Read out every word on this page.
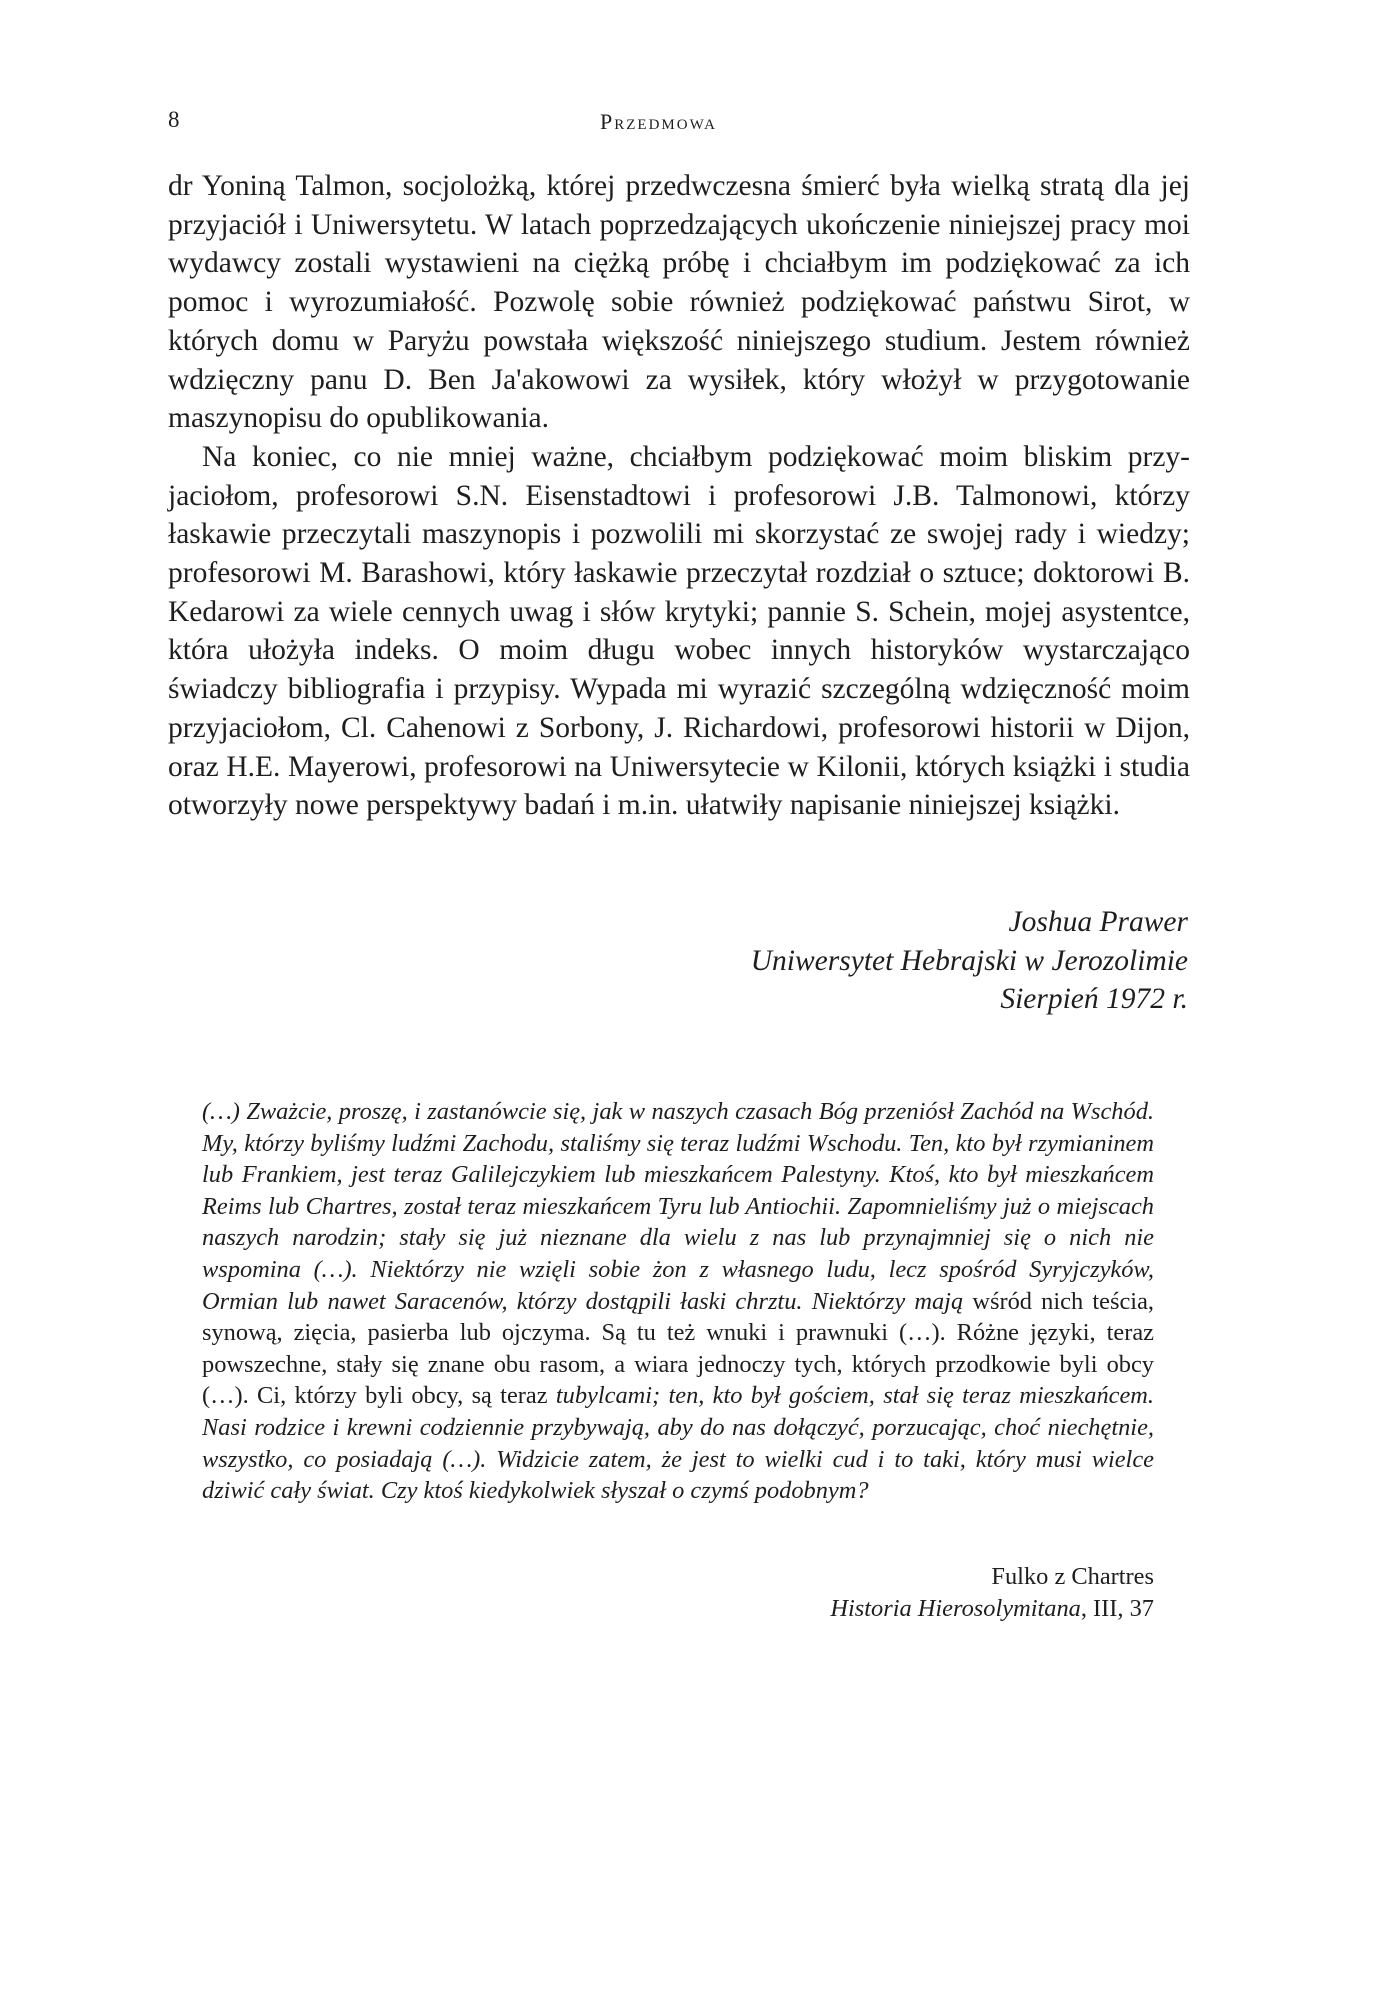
8	Przedmowa

dr Yoniną Talmon, socjolożką, której przedwczesna śmierć była wielką stratą dla jej przyjaciół i Uniwersytetu. W latach poprzedzających ukończenie niniejszej pracy moi wydawcy zostali wystawieni na ciężką próbę i chciałbym im podziękować za ich pomoc i wyrozumiałość. Pozwolę sobie również podziękować państwu Sirot, w których domu w Paryżu powstała większość niniejszego studium. Jestem również wdzięczny panu D. Ben Ja'akowowi za wysiłek, który włożył w przygotowanie maszynopisu do opublikowania.

Na koniec, co nie mniej ważne, chciałbym podziękować moim bliskim przyjaciołom, profesorowi S.N. Eisenstadtowi i profesorowi J.B. Talmonowi, którzy łaskawie przeczytali maszynopis i pozwolili mi skorzystać ze swojej rady i wiedzy; profesorowi M. Barashowi, który łaskawie przeczytał rozdział o sztuce; doktorowi B. Kedarowi za wiele cennych uwag i słów krytyki; pannie S. Schein, mojej asystentce, która ułożyła indeks. O moim długu wobec innych historyków wystarczająco świadczy bibliografia i przypisy. Wypada mi wyrazić szczególną wdzięczność moim przyjaciołom, Cl. Cahenowi z Sorbony, J. Richardowi, profesorowi historii w Dijon, oraz H.E. Mayerowi, profesorowi na Uniwersytecie w Kilonii, których książki i studia otworzyły nowe perspektywy badań i m.in. ułatwiły napisanie niniejszej książki.

Joshua Prawer
Uniwersytet Hebrajski w Jerozolimie
Sierpień 1972 r.

(…) Zważcie, proszę, i zastanówcie się, jak w naszych czasach Bóg przeniósł Zachód na Wschód. My, którzy byliśmy ludźmi Zachodu, staliśmy się teraz ludźmi Wschodu. Ten, kto był rzymianinem lub Frankiem, jest teraz Galilejczykiem lub mieszkańcem Palestyny. Ktoś, kto był mieszkańcem Reims lub Chartres, został teraz mieszkańcem Tyru lub Antiochii. Zapomnieliśmy już o miejscach naszych narodzin; stały się już nieznane dla wielu z nas lub przynajmniej się o nich nie wspomina (…). Niektórzy nie wzięli sobie żon z własnego ludu, lecz spośród Syryjczyków, Ormian lub nawet Saracenów, którzy dostąpili łaski chrztu. Niektórzy mają wśród nich teścia, synową, zięcia, pasierba lub ojczyma. Są tu też wnuki i prawnuki (…). Różne języki, teraz powszechne, stały się znane obu rasom, a wiara jednoczy tych, których przodkowie byli obcy (…). Ci, którzy byli obcy, są teraz tubylcami; ten, kto był gościem, stał się teraz mieszkańcem. Nasi rodzice i krewni codziennie przybywają, aby do nas dołączyć, porzucając, choć niechętnie, wszystko, co posiadają (…). Widzicie zatem, że jest to wielki cud i to taki, który musi wielce dziwić cały świat. Czy ktoś kiedykolwiek słyszał o czymś podobnym?

Fulko z Chartres
Historia Hierosolymitana, III, 37
